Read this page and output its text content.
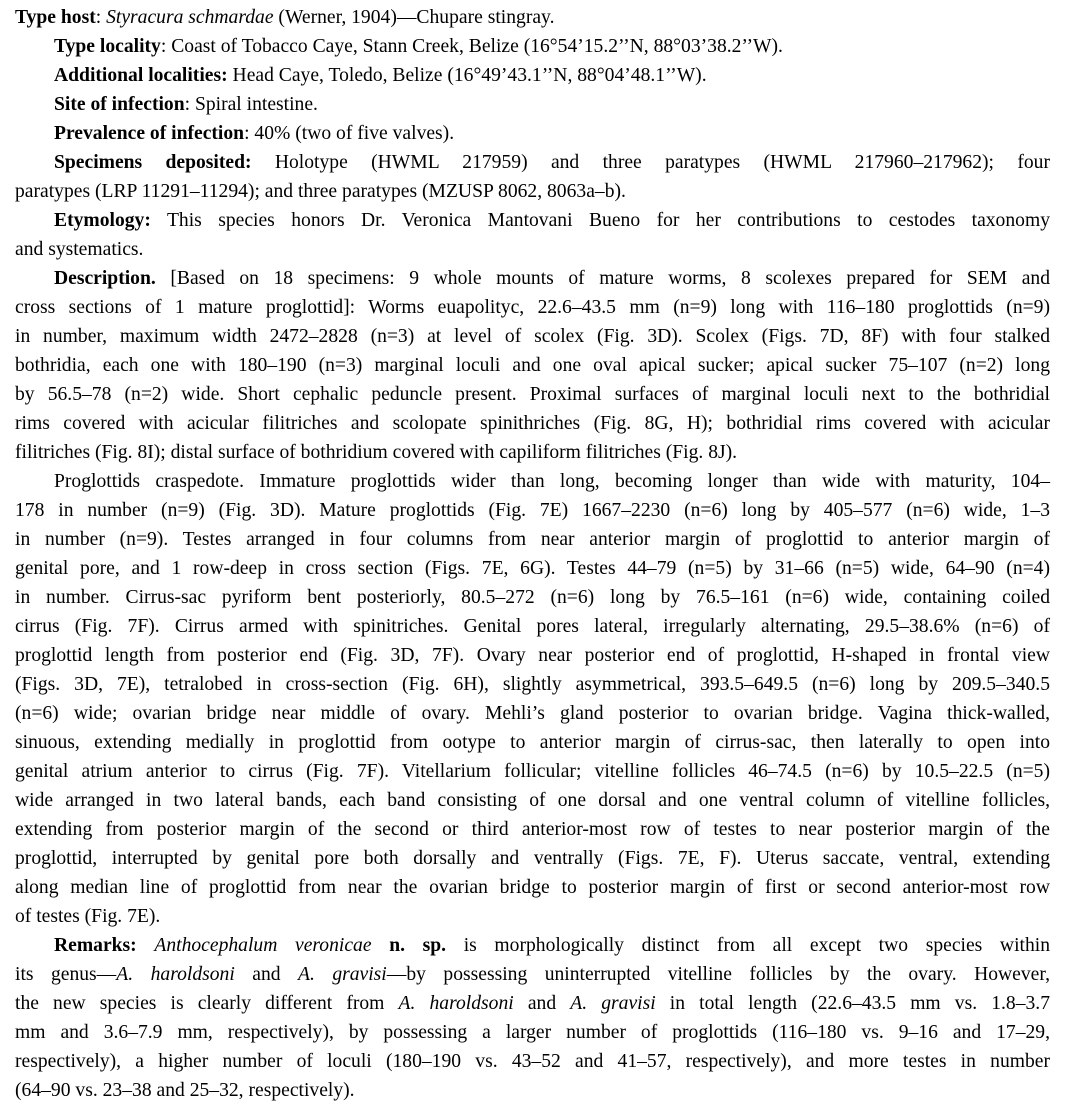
Type host: Styracura schmardae (Werner, 1904)—Chupare stingray.
Type locality: Coast of Tobacco Caye, Stann Creek, Belize (16°54’15.2’’N, 88°03’38.2’’W).
Additional localities: Head Caye, Toledo, Belize (16°49’43.1’’N, 88°04’48.1’’W).
Site of infection: Spiral intestine.
Prevalence of infection: 40% (two of five valves).
Specimens deposited: Holotype (HWML 217959) and three paratypes (HWML 217960–217962); four
paratypes (LRP 11291–11294); and three paratypes (MZUSP 8062, 8063a–b).
Etymology: This species honors Dr. Veronica Mantovani Bueno for her contributions to cestodes taxonomy
and systematics.
Description. [Based on 18 specimens: 9 whole mounts of mature worms, 8 scolexes prepared for SEM and
cross sections of 1 mature proglottid]: Worms euapolityc, 22.6–43.5 mm (n=9) long with 116–180 proglottids (n=9)
in number, maximum width 2472–2828 (n=3) at level of scolex (Fig. 3D). Scolex (Figs. 7D, 8F) with four stalked
bothridia, each one with 180–190 (n=3) marginal loculi and one oval apical sucker; apical sucker 75–107 (n=2) long
by 56.5–78 (n=2) wide. Short cephalic peduncle present. Proximal surfaces of marginal loculi next to the bothridial
rims covered with acicular filitriches and scolopate spinithriches (Fig. 8G, H); bothridial rims covered with acicular
filitriches (Fig. 8I); distal surface of bothridium covered with capiliform filitriches (Fig. 8J).
Proglottids craspedote. Immature proglottids wider than long, becoming longer than wide with maturity, 104–
178 in number (n=9) (Fig. 3D). Mature proglottids (Fig. 7E) 1667–2230 (n=6) long by 405–577 (n=6) wide, 1–3
in number (n=9). Testes arranged in four columns from near anterior margin of proglottid to anterior margin of
genital pore, and 1 row-deep in cross section (Figs. 7E, 6G). Testes 44–79 (n=5) by 31–66 (n=5) wide, 64–90 (n=4)
in number. Cirrus-sac pyriform bent posteriorly, 80.5–272 (n=6) long by 76.5–161 (n=6) wide, containing coiled
cirrus (Fig. 7F). Cirrus armed with spinitriches. Genital pores lateral, irregularly alternating, 29.5–38.6% (n=6) of
proglottid length from posterior end (Fig. 3D, 7F). Ovary near posterior end of proglottid, H-shaped in frontal view
(Figs. 3D, 7E), tetralobed in cross-section (Fig. 6H), slightly asymmetrical, 393.5–649.5 (n=6) long by 209.5–340.5
(n=6) wide; ovarian bridge near middle of ovary. Mehli’s gland posterior to ovarian bridge. Vagina thick-walled,
sinuous, extending medially in proglottid from ootype to anterior margin of cirrus-sac, then laterally to open into
genital atrium anterior to cirrus (Fig. 7F). Vitellarium follicular; vitelline follicles 46–74.5 (n=6) by 10.5–22.5 (n=5)
wide arranged in two lateral bands, each band consisting of one dorsal and one ventral column of vitelline follicles,
extending from posterior margin of the second or third anterior-most row of testes to near posterior margin of the
proglottid, interrupted by genital pore both dorsally and ventrally (Figs. 7E, F). Uterus saccate, ventral, extending
along median line of proglottid from near the ovarian bridge to posterior margin of first or second anterior-most row
of testes (Fig. 7E).
Remarks: Anthocephalum veronicae n. sp. is morphologically distinct from all except two species within
its genus—A. haroldsoni and A. gravisi—by possessing uninterrupted vitelline follicles by the ovary. However,
the new species is clearly different from A. haroldsoni and A. gravisi in total length (22.6–43.5 mm vs. 1.8–3.7
mm and 3.6–7.9 mm, respectively), by possessing a larger number of proglottids (116–180 vs. 9–16 and 17–29,
respectively), a higher number of loculi (180–190 vs. 43–52 and 41–57, respectively), and more testes in number
(64–90 vs. 23–38 and 25–32, respectively).
